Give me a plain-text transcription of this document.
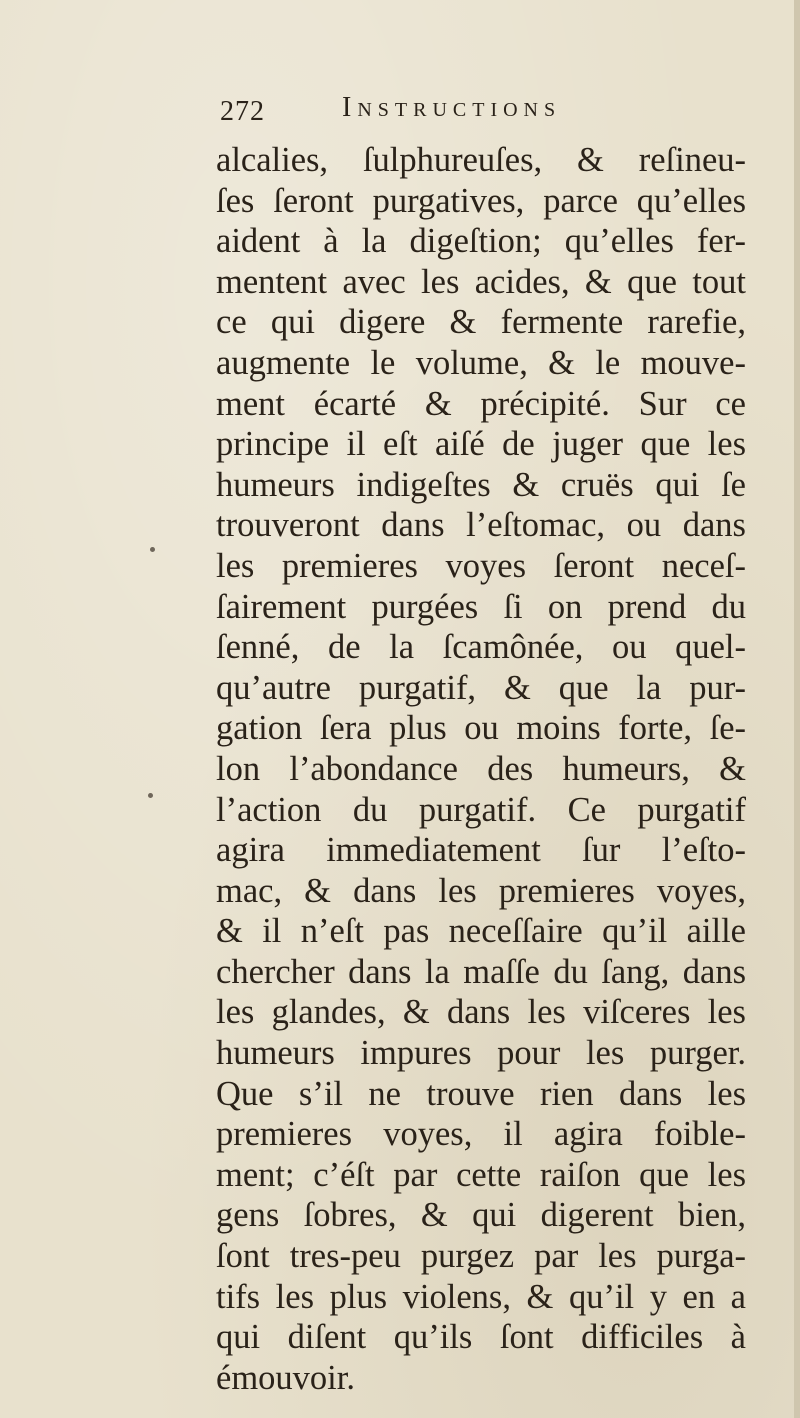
272	Instructions
alcalies, ſulphureuſes, & reſineu-
ſes ſeront purgatives, parce qu’elles
aident à la digeſtion; qu’elles fer-
mentent avec les acides, & que tout
ce qui digere & fermente rarefie,
augmente le volume, & le mouve-
ment écarté & précipité. Sur ce
principe il eſt aiſé de juger que les
humeurs indigeſtes & cruës qui ſe
trouveront dans l’eſtomac, ou dans
les premieres voyes ſeront neceſ-
ſairement purgées ſi on prend du
ſenné, de la ſcamônée, ou quel-
qu’autre purgatif, & que la pur-
gation ſera plus ou moins forte, ſe-
lon l’abondance des humeurs, &
l’action du purgatif. Ce purgatif
agira immediatement ſur l’eſto-
mac, & dans les premieres voyes,
& il n’eſt pas neceſſaire qu’il aille
chercher dans la maſſe du ſang, dans
les glandes, & dans les viſceres les
humeurs impures pour les purger.
Que s’il ne trouve rien dans les
premieres voyes, il agira foible-
ment; c’éſt par cette raiſon que les
gens ſobres, & qui digerent bien,
ſont tres-peu purgez par les purga-
tifs les plus violens, & qu’il y en a
qui diſent qu’ils ſont difficiles à
émouvoir.
